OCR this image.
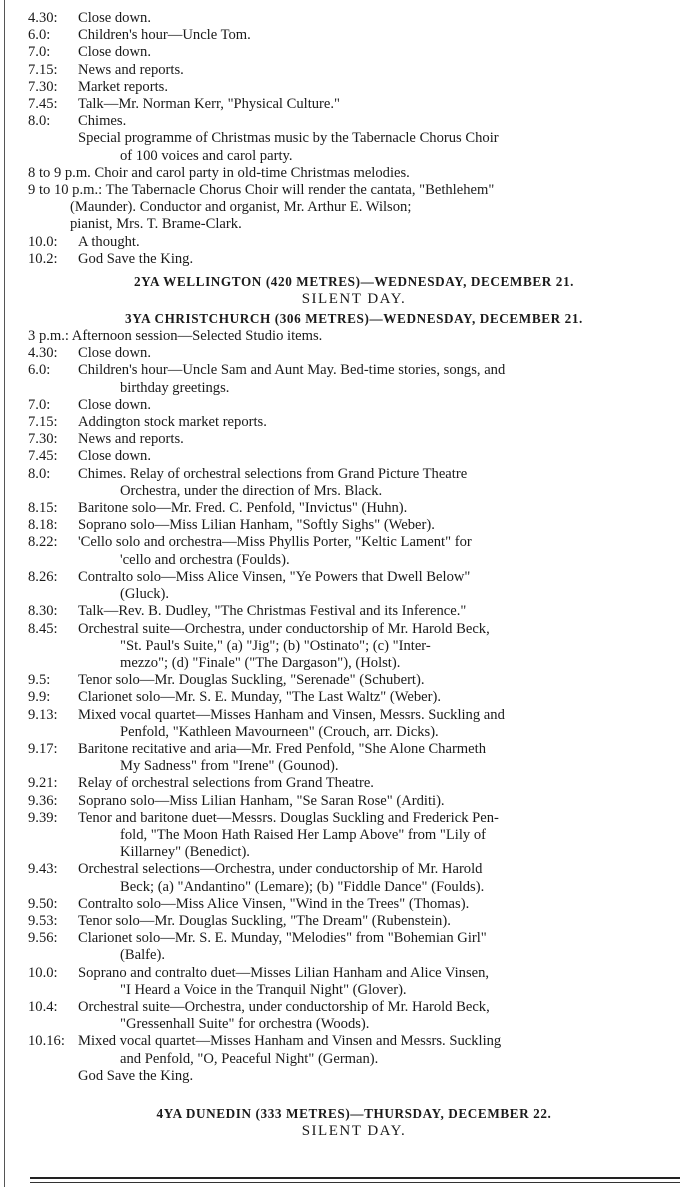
4.30:	Close down.
6.0:	Children's hour—Uncle Tom.
7.0:	Close down.
7.15:	News and reports.
7.30:	Market reports.
7.45:	Talk—Mr. Norman Kerr, "Physical Culture."
8.0:	Chimes.
Special programme of Christmas music by the Tabernacle Chorus Choir
of 100 voices and carol party.
8 to 9 p.m. Choir and carol party in old-time Christmas melodies.
9 to 10 p.m.: The Tabernacle Chorus Choir will render the cantata, "Bethlehem"
(Maunder). Conductor and organist, Mr. Arthur E. Wilson;
pianist, Mrs. T. Brame-Clark.
10.0:	A thought.
10.2:	God Save the King.
2YA WELLINGTON (420 METRES)—WEDNESDAY, DECEMBER 21.
SILENT DAY.
3YA CHRISTCHURCH (306 METRES)—WEDNESDAY, DECEMBER 21.
3 p.m.: Afternoon session—Selected Studio items.
4.30:	Close down.
6.0:	Children's hour—Uncle Sam and Aunt May. Bed-time stories, songs, and
birthday greetings.
7.0:	Close down.
7.15:	Addington stock market reports.
7.30:	News and reports.
7.45:	Close down.
8.0:	Chimes. Relay of orchestral selections from Grand Picture Theatre
Orchestra, under the direction of Mrs. Black.
8.15:	Baritone solo—Mr. Fred. C. Penfold, "Invictus" (Huhn).
8.18:	Soprano solo—Miss Lilian Hanham, "Softly Sighs" (Weber).
8.22:	'Cello solo and orchestra—Miss Phyllis Porter, "Keltic Lament" for
'cello and orchestra (Foulds).
8.26:	Contralto solo—Miss Alice Vinsen, "Ye Powers that Dwell Below"
(Gluck).
8.30:	Talk—Rev. B. Dudley, "The Christmas Festival and its Inference."
8.45:	Orchestral suite—Orchestra, under conductorship of Mr. Harold Beck,
"St. Paul's Suite," (a) "Jig"; (b) "Ostinato"; (c) "Inter-
mezzo"; (d) "Finale" ("The Dargason"), (Holst).
9.5:	Tenor solo—Mr. Douglas Suckling, "Serenade" (Schubert).
9.9:	Clarionet solo—Mr. S. E. Munday, "The Last Waltz" (Weber).
9.13:	Mixed vocal quartet—Misses Hanham and Vinsen, Messrs. Suckling and
Penfold, "Kathleen Mavourneen" (Crouch, arr. Dicks).
9.17:	Baritone recitative and aria—Mr. Fred Penfold, "She Alone Charmeth
My Sadness" from "Irene" (Gounod).
9.21:	Relay of orchestral selections from Grand Theatre.
9.36:	Soprano solo—Miss Lilian Hanham, "Se Saran Rose" (Arditi).
9.39:	Tenor and baritone duet—Messrs. Douglas Suckling and Frederick Pen-
fold, "The Moon Hath Raised Her Lamp Above" from "Lily of
Killarney" (Benedict).
9.43:	Orchestral selections—Orchestra, under conductorship of Mr. Harold
Beck; (a) "Andantino" (Lemare); (b) "Fiddle Dance" (Foulds).
9.50:	Contralto solo—Miss Alice Vinsen, "Wind in the Trees" (Thomas).
9.53:	Tenor solo—Mr. Douglas Suckling, "The Dream" (Rubenstein).
9.56:	Clarionet solo—Mr. S. E. Munday, "Melodies" from "Bohemian Girl"
(Balfe).
10.0:	Soprano and contralto duet—Misses Lilian Hanham and Alice Vinsen,
"I Heard a Voice in the Tranquil Night" (Glover).
10.4:	Orchestral suite—Orchestra, under conductorship of Mr. Harold Beck,
"Gressenhall Suite" for orchestra (Woods).
10.16: Mixed vocal quartet—Misses Hanham and Vinsen and Messrs. Suckling
and Penfold, "O, Peaceful Night" (German).
God Save the King.
4YA DUNEDIN (333 METRES)—THURSDAY, DECEMBER 22.
SILENT DAY.
